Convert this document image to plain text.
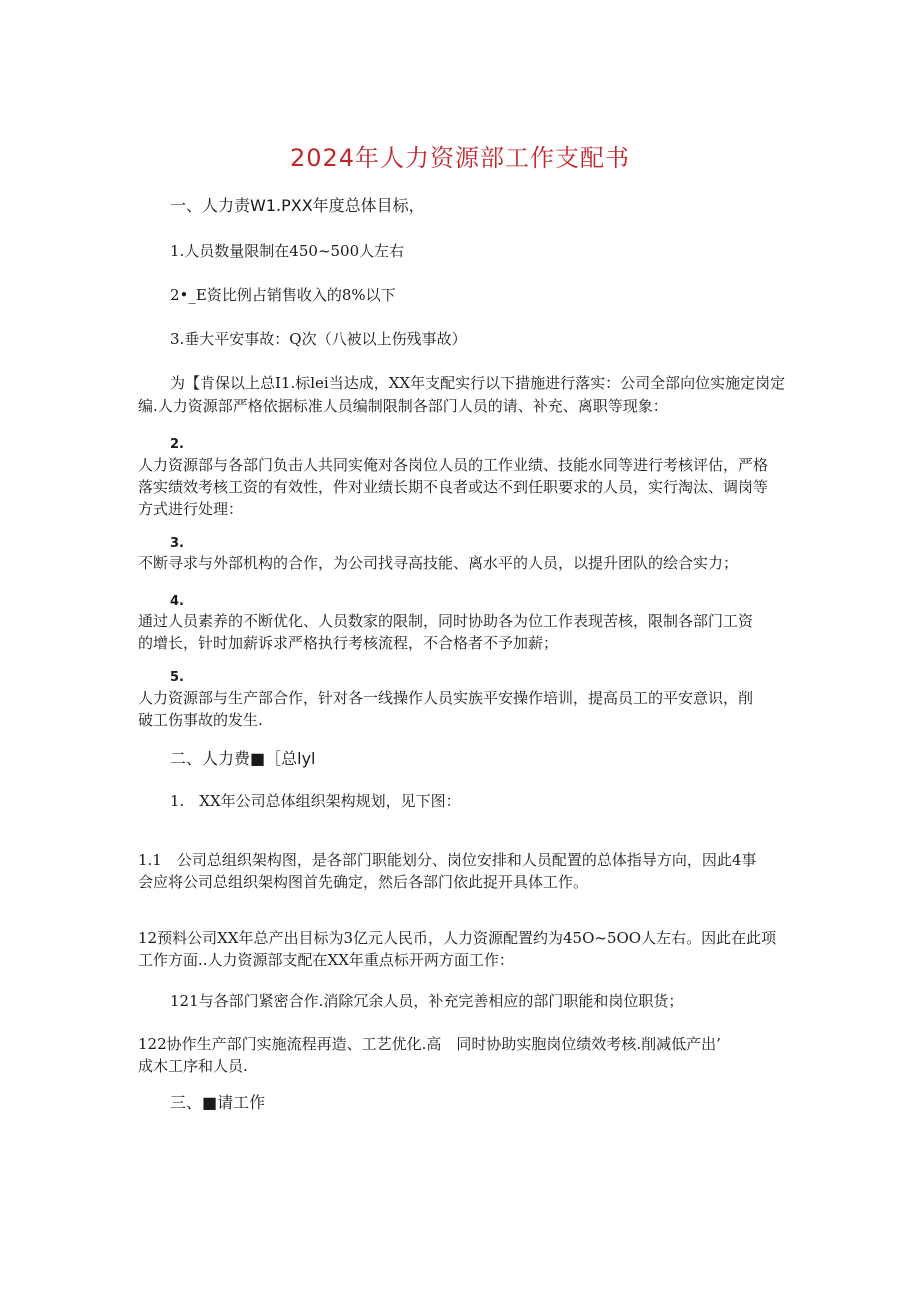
2024年人力资源部工作支配书
一、人力责W1.PXX年度总体目标，
1.人员数量限制在450~500人左右
2•_E资比例占销售收入的8%以下
3.垂大平安事故：Q次（八被以上伤残事故）
为【肯保以上总I1.标lei当达成，XX年支配实行以下措施进行落实：公司全部向位实施定岗定
编.人力资源部严格依据标准人员编制限制各部门人员的请、补充、离职等现象：
2.
人力资源部与各部门负击人共同实俺对各岗位人员的工作业绩、技能水同等进行考核评估，严格
落实绩效考核工资的有效性，件对业绩长期不良者或达不到任职要求的人员，实行淘汰、调岗等
方式进行处理：
3.
不断寻求与外部机构的合作，为公司找寻高技能、离水平的人员，以提升团队的绘合实力；
4.
通过人员素养的不断优化、人员数家的限制，同时协助各为位工作表现苦核，限制各部门工资
的增长，针时加薪诉求严格执行考核流程，不合格者不予加薪；
5.
人力资源部与生产部合作，针对各一线操作人员实族平安操作培训，提高员工的平安意识，削
破工伤事故的发生.
二、人力费■［总lyl
1.　XX年公司总体组织架构规划，见下图：
1.1　公司总组织架构图，是各部门职能划分、岗位安排和人员配置的总体指导方向，因此4事
会应将公司总组织架构图首先确定，然后各部门依此捉开具体工作。
12预料公司XX年总产出目标为3亿元人民币，人力资源配置约为45O~5OO人左右。因此在此项
工作方面..人力资源部支配在XX年重点标开两方面工作：
121与各部门紧密合作.消除冗余人员，补充完善相应的部门职能和岗位职货；
122协作生产部门实施流程再造、工艺优化.高　同时协助实胞岗位绩效考核.削减低产出’
成木工序和人员.
三、■请工作
